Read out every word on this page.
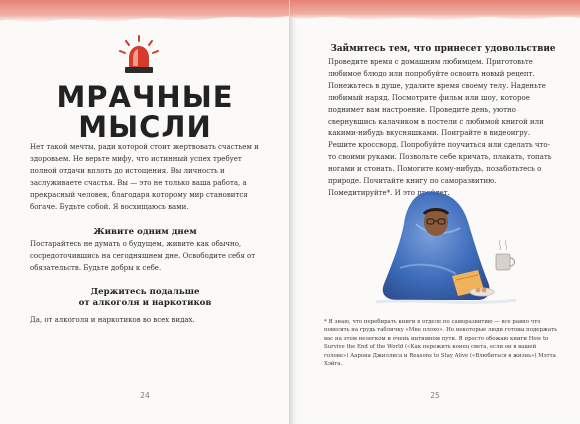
МРАЧНЫЕ
МЫСЛИ
Нет такой мечты, ради которой стоит жертвовать счастьем и здоровьем. Не верьте мифу, что истинный успех требует полной отдачи вплоть до истощения. Вы личность и заслуживаете счастья. Вы — это не только ваша работа, а прекрасный человек, благодаря которому мир становится богаче. Будьте собой. Я восхищаюсь вами.
Живите одним днем
Постарайтесь не думать о будущем, живите как обычно, сосредоточившись на сегодняшнем дне. Освободите себя от обязательств. Будьте добры к себе.
Держитесь подальше
от алкоголя и наркотиков
Да, от алкоголя и наркотиков во всех видах.
24
Займитесь тем, что принесет удовольствие
Проведите время с домашним любимцем. Приготовьте любимое блюдо или попробуйте освоить новый рецепт. Понежьтесь в душе, удалите время своему телу. Наденьте любимый наряд. Посмотрите фильм или шоу, которое поднимет вам настроение. Проведите день, уютно свернувшись калачиком в постели с любимой книгой или какими-нибудь вкусняшками. Поиграйте в видеоигру. Решите кроссворд. Попробуйте поучиться или сделать что-то своими руками. Позвольте себе кричать, плакать, топать ногами и стонать. Помогите кому-нибудь, позаботьтесь о природе. Почитайте книгу по саморазвитию. Помедитируйте*. И это пройдет.
* Я знаю, что перебирать книги в отделе по саморазвитию — все равно что повесить на грудь табличку «Мне плохо». Но некоторые люди готовы подержать вас на этом нелегком и очень интимном пути. Я просто обожаю книги How to Survive the End of the World («Как пережить конец света, если он в вашей голове») Аарона Джиллиса и Reasons to Stay Alive («Влюбиться в жизнь») Мэтта Хэйга.
25
